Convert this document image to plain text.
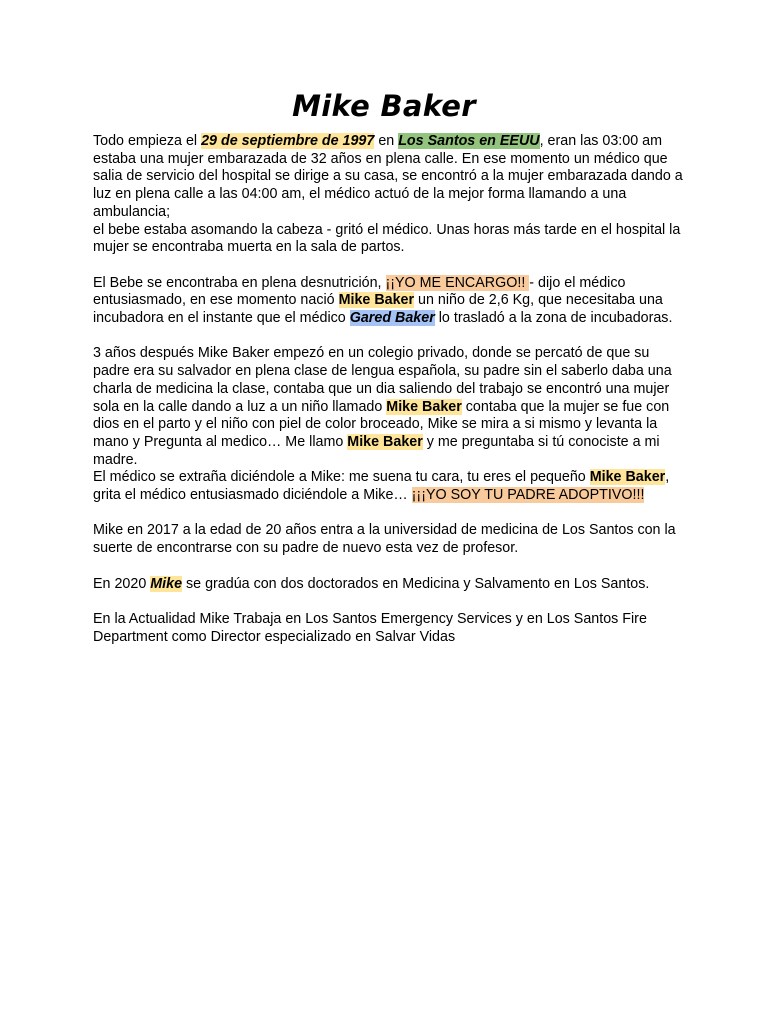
Mike Baker

Todo empieza el 29 de septiembre de 1997 en Los Santos en EEUU, eran las 03:00 am estaba una mujer embarazada de 32 años en plena calle. En ese momento un médico que salia de servicio del hospital se dirige a su casa, se encontró a la mujer embarazada dando a luz en plena calle a las 04:00 am, el médico actuó de la mejor forma llamando a una ambulancia;
el bebe estaba asomando la cabeza - gritó el médico. Unas horas más tarde en el hospital la mujer se encontraba muerta en la sala de partos.

El Bebe se encontraba en plena desnutrición, ¡¡YO ME ENCARGO!! - dijo el médico entusiasmado, en ese momento nació Mike Baker un niño de 2,6 Kg, que necesitaba una incubadora en el instante que el médico Gared Baker lo trasladó a la zona de incubadoras.

3 años después Mike Baker empezó en un colegio privado, donde se percató de que su padre era su salvador en plena clase de lengua española, su padre sin el saberlo daba una charla de medicina la clase, contaba que un dia saliendo del trabajo se encontró una mujer sola en la calle dando a luz a un niño llamado Mike Baker contaba que la mujer se fue con dios en el parto y el niño con piel de color broceado, Mike se mira a si mismo y levanta la mano y Pregunta al medico… Me llamo Mike Baker y me preguntaba si tú conociste a mi madre.
El médico se extraña diciéndole a Mike: me suena tu cara, tu eres el pequeño Mike Baker, grita el médico entusiasmado diciéndole a Mike… ¡¡¡YO SOY TU PADRE ADOPTIVO!!!

Mike en 2017 a la edad de 20 años entra a la universidad de medicina de Los Santos con la suerte de encontrarse con su padre de nuevo esta vez de profesor.

En 2020 Mike se gradúa con dos doctorados en Medicina y Salvamento en Los Santos.

En la Actualidad Mike Trabaja en Los Santos Emergency Services y en Los Santos Fire Department como Director especializado en Salvar Vidas
